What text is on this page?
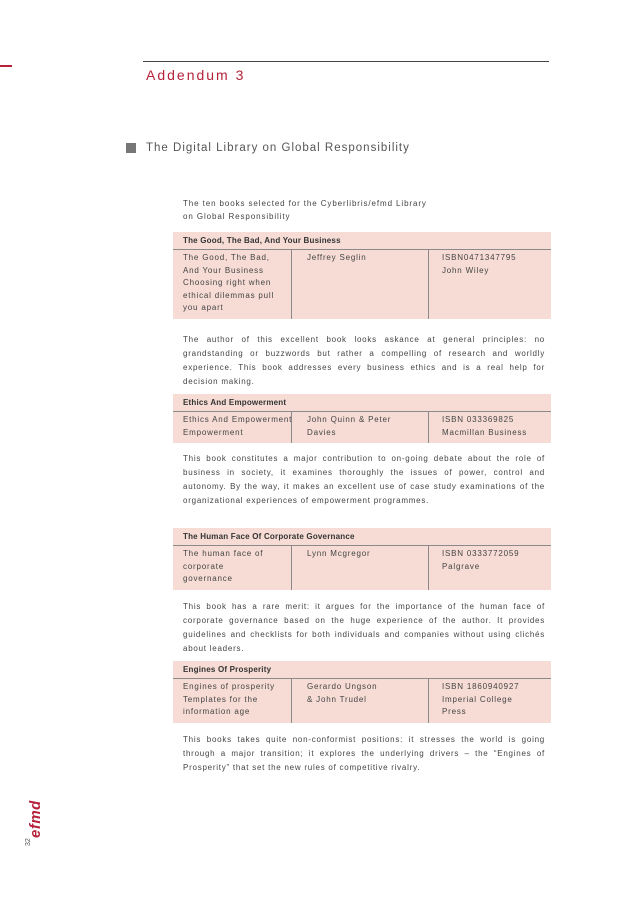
Addendum 3
The Digital Library on Global Responsibility
The ten books selected for the Cyberlibris/efmd Library
on Global Responsibility
The Good, The Bad, And Your Business
The Good, The Bad,
And Your Business
Choosing right when
ethical dilemmas pull
you apart
Jeffrey Seglin	ISBN0471347795
John Wiley
The author of this excellent book looks askance at general principles: no grandstanding or buzzwords but rather a compelling of research and worldly experience. This book addresses every business ethics and is a real help for decision making.
Ethics And Empowerment
Ethics And Empowerment
Empowerment
John Quinn & Peter
Davies
ISBN 033369825
Macmillan Business
This book constitutes a major contribution to on-going debate about the role of business in society, it examines thoroughly the issues of power, control and autonomy. By the way, it makes an excellent use of case study examinations of the organizational experiences of empowerment programmes.
The Human Face Of Corporate Governance
The human face of
corporate
governance
Lynn Mcgregor	ISBN 0333772059
Palgrave
This book has a rare merit: it argues for the importance of the human face of corporate governance based on the huge experience of the author. It provides guidelines and checklists for both individuals and companies without using clichés about leaders.
Engines Of Prosperity
Engines of prosperity
Templates for the
information age
Gerardo Ungson
& John Trudel
ISBN 1860940927
Imperial College
Press
This books takes quite non-conformist positions: it stresses the world is going through a major transition; it explores the underlying drivers – the “Engines of Prosperity” that set the new rules of competitive rivalry.
efmd
32
